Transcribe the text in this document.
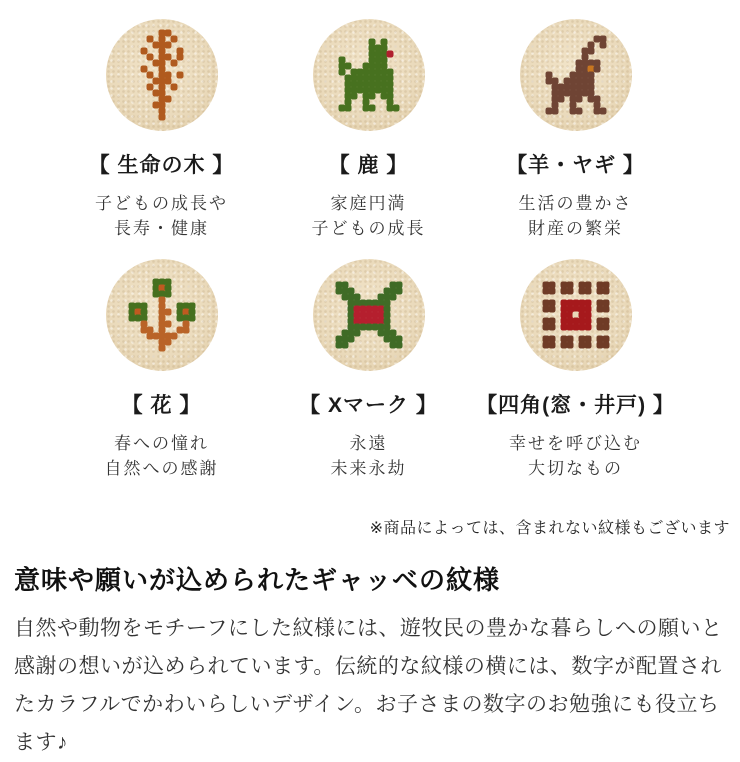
【 生命の木 】
子どもの成長や
長寿・健康
【 鹿 】
家庭円満
子どもの成長
【羊・ヤギ 】
生活の豊かさ
財産の繁栄
【 花 】
春への憧れ
自然への感謝
【 Xマーク 】
永遠
未来永劫
【四角(窓・井戸) 】
幸せを呼び込む
大切なもの

※商品によっては、含まれない紋様もございます

意味や願いが込められたギャッベの紋様

自然や動物をモチーフにした紋様には、遊牧民の豊かな暮らしへの願いと感謝の想いが込められています。伝統的な紋様の横には、数字が配置されたカラフルでかわいらしいデザイン。お子さまの数字のお勉強にも役立ちます♪
